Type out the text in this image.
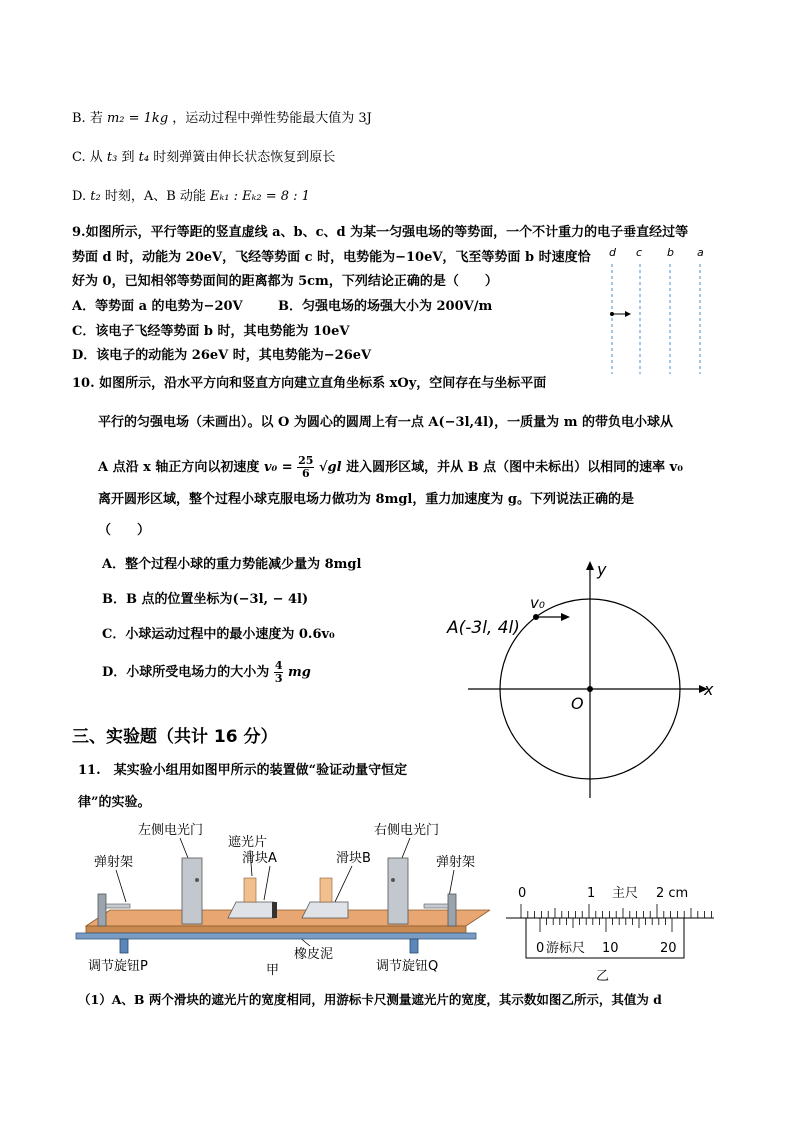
B. 若 m₂ = 1kg ，运动过程中弹性势能最大值为 3J
C. 从 t₃ 到 t₄ 时刻弹簧由伸长状态恢复到原长
D. t₂ 时刻，A、B 动能 Eₖ₁ : Eₖ₂ = 8 : 1
9.如图所示，平行等距的竖直虚线 a、b、c、d 为某一匀强电场的等势面，一个不计重力的电子垂直经过等
势面 d 时，动能为 20eV，飞经等势面 c 时，电势能为−10eV，飞至等势面 b 时速度恰
好为 0，已知相邻等势面间的距离都为 5cm，下列结论正确的是（　　）
A．等势面 a 的电势为−20V	B．匀强电场的场强大小为 200V/m
C．该电子飞经等势面 b 时，其电势能为 10eV
D．该电子的动能为 26eV 时，其电势能为−26eV
d c b a
10. 如图所示，沿水平方向和竖直方向建立直角坐标系 xOy，空间存在与坐标平面
平行的匀强电场（未画出）。以 O 为圆心的圆周上有一点 A(−3l,4l)，一质量为 m 的带负电小球从
A 点沿 x 轴正方向以初速度 $v_0 = \frac{25}{6} √gl$ 进入圆形区域，并从 B 点（图中未标出）以相同的速率 v₀
离开圆形区域，整个过程小球克服电场力做功为 8mgl，重力加速度为 g。下列说法正确的是
（　　）
A．整个过程小球的重力势能减少量为 8mgl
B．B 点的位置坐标为(−3l, − 4l)
C．小球运动过程中的最小速度为 0.6v₀
D．小球所受电场力的大小为 $\frac{4}{3}$ mg
x
y
O
v₀
A(-3l, 4l)
三、实验题（共计 16 分）
11.　某实验小组用如图甲所示的装置做“验证动量守恒定
律”的实验。
左侧电光门
遮光片
滑块A	滑块B
右侧电光门
弹射架	弹射架
橡皮泥
调节旋钮P	调节旋钮Q
甲
0	1 主尺 2 cm
0 游标尺 10	20
乙
（1）A、B 两个滑块的遮光片的宽度相同，用游标卡尺测量遮光片的宽度，其示数如图乙所示，其值为 d
